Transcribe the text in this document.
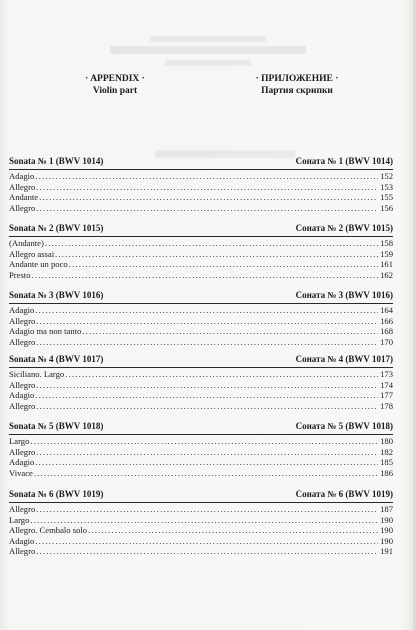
· APPENDIX ·
Violin part
· ПРИЛОЖЕНИЕ ·
Партия скрипки
Sonata № 1 (BWV 1014)	Соната № 1 (BWV 1014)
Adagio .....	152
Allegro .....	153
Andante .....	155
Allegro .....	156
Sonata № 2 (BWV 1015)	Соната № 2 (BWV 1015)
(Andante) .....	158
Allegro assai .....	159
Andante un poco .....	161
Presto .....	162
Sonata № 3 (BWV 1016)	Соната № 3 (BWV 1016)
Adagio .....	164
Allegro .....	166
Adagio ma non tanto .....	168
Allegro .....	170
Sonata № 4 (BWV 1017)	Соната № 4 (BWV 1017)
Siciliano. Largo .....	173
Allegro .....	174
Adagio .....	177
Allegro .....	178
Sonata № 5 (BWV 1018)	Соната № 5 (BWV 1018)
Largo .....	180
Allegro .....	182
Adagio .....	185
Vivace .....	186
Sonata № 6 (BWV 1019)	Соната № 6 (BWV 1019)
Allegro .....	187
Largo .....	190
Allegro. Cembalo solo .....	190
Adagio .....	190
Allegro .....	191
